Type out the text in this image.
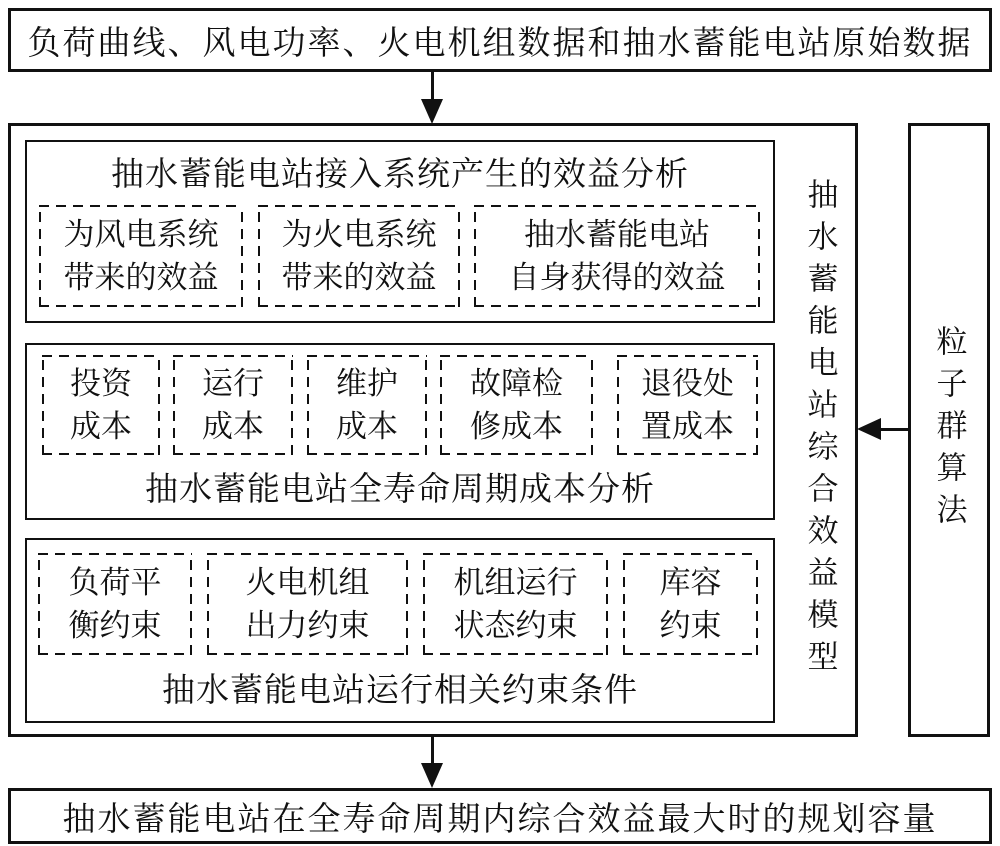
负荷曲线、风电功率、火电机组数据和抽水蓄能电站原始数据
抽水蓄能电站接入系统产生的效益分析
为风电系统
带来的效益
为火电系统
带来的效益
抽水蓄能电站
自身获得的效益
抽水蓄能电站全寿命周期成本分析
投资
成本
运行
成本
维护
成本
故障检
修成本
退役处
置成本
抽水蓄能电站运行相关约束条件
负荷平
衡约束
火电机组
出力约束
机组运行
状态约束
库容
约束	抽水蓄能电站综合效益模型	粒子群算法
抽水蓄能电站在全寿命周期内综合效益最大时的规划容量
